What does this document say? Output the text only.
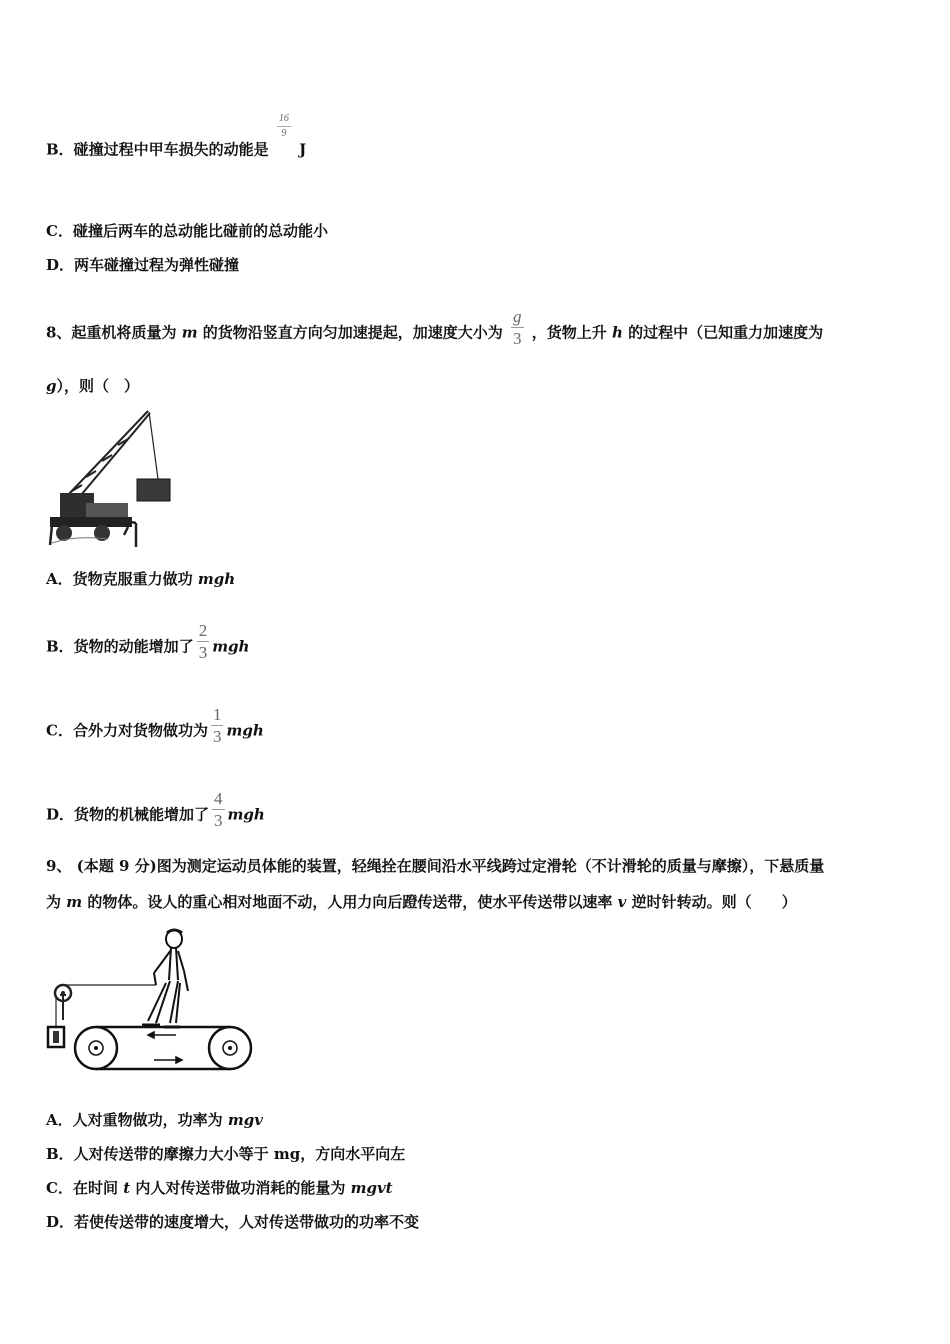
B．碰撞过程中甲车损失的动能是
$\frac{16}{9}$
J
C．碰撞后两车的总动能比碰前的总动能小
D．两车碰撞过程为弹性碰撞
8、起重机将质量为 m 的货物沿竖直方向匀加速提起，加速度大小为 $\frac{g}{3}$ ，货物上升 h 的过程中（已知重力加速度为
g），则（　）
A．货物克服重力做功 mgh
B．货物的动能增加了 $\frac{2}{3}$ mgh
C．合外力对货物做功为 $\frac{1}{3}$ mgh
D．货物的机械能增加了 $\frac{4}{3}$ mgh
9、 (本题 9 分)图为测定运动员体能的装置，轻绳拴在腰间沿水平线跨过定滑轮（不计滑轮的质量与摩擦），下悬质量
为 m 的物体。设人的重心相对地面不动，人用力向后蹬传送带，使水平传送带以速率 v 逆时针转动。则（　　）
A．人对重物做功，功率为 mgv
B．人对传送带的摩擦力大小等于 mg，方向水平向左
C．在时间 t 内人对传送带做功消耗的能量为 mgvt
D．若使传送带的速度增大，人对传送带做功的功率不变
